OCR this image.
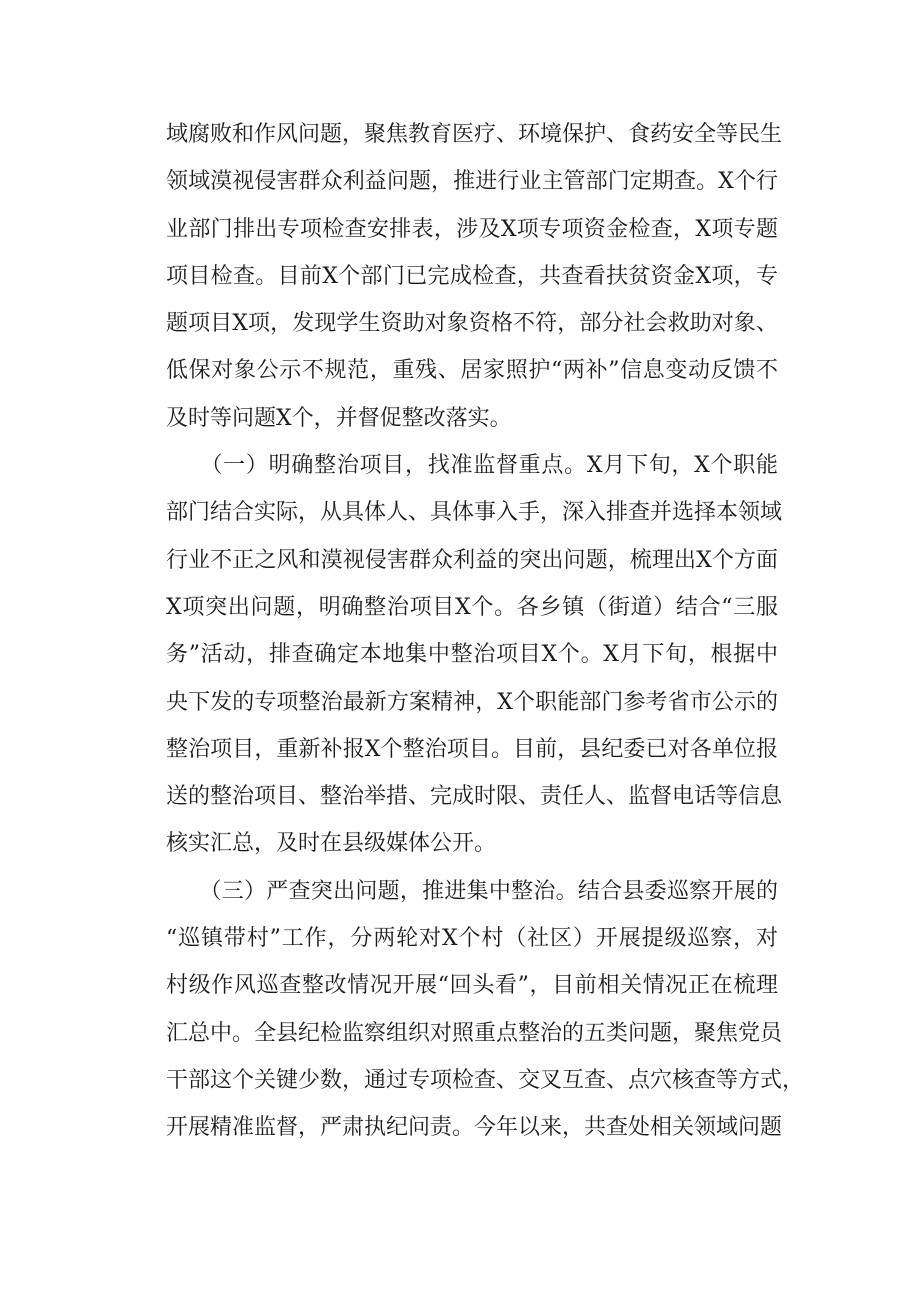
域腐败和作风问题，聚焦教育医疗、环境保护、食药安全等民生
领域漠视侵害群众利益问题，推进行业主管部门定期查。X个行
业部门排出专项检查安排表，涉及X项专项资金检查，X项专题
项目检查。目前X个部门已完成检查，共查看扶贫资金X项，专
题项目X项，发现学生资助对象资格不符，部分社会救助对象、
低保对象公示不规范，重残、居家照护“两补”信息变动反馈不
及时等问题X个，并督促整改落实。
　　（一）明确整治项目，找准监督重点。X月下旬，X个职能
部门结合实际，从具体人、具体事入手，深入排查并选择本领域
行业不正之风和漠视侵害群众利益的突出问题，梳理出X个方面
X项突出问题，明确整治项目X个。各乡镇（街道）结合“三服
务”活动，排查确定本地集中整治项目X个。X月下旬，根据中
央下发的专项整治最新方案精神，X个职能部门参考省市公示的
整治项目，重新补报X个整治项目。目前，县纪委已对各单位报
送的整治项目、整治举措、完成时限、责任人、监督电话等信息
核实汇总，及时在县级媒体公开。
　　（三）严查突出问题，推进集中整治。结合县委巡察开展的
“巡镇带村”工作，分两轮对X个村（社区）开展提级巡察，对
村级作风巡查整改情况开展“回头看”，目前相关情况正在梳理
汇总中。全县纪检监察组织对照重点整治的五类问题，聚焦党员
干部这个关键少数，通过专项检查、交叉互查、点穴核查等方式，
开展精准监督，严肃执纪问责。今年以来，共查处相关领域问题
